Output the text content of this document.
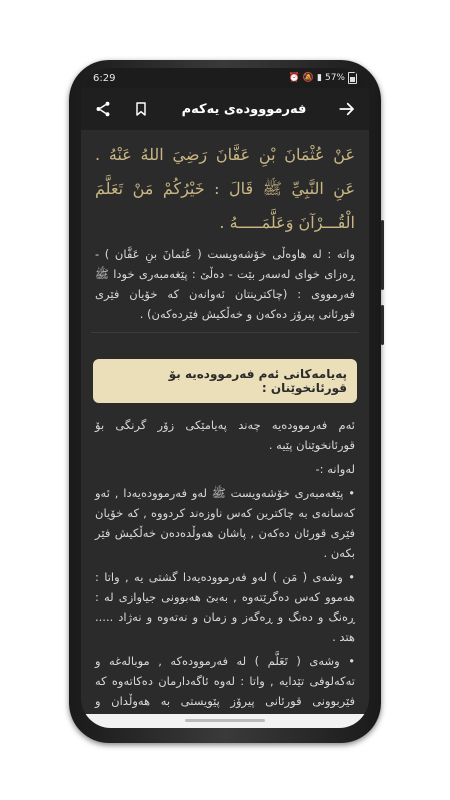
6:29	⏰ 🔕 ▮ 57%
فەرمووودەی یەکەم
عَنْ عُثْمَانَ بْنِ عَفَّانَ رَضِيَ اللهُ عَنْهُ . عَنِ النَّبِيِّ ﷺ قَالَ : خَيْرُكُمْ مَنْ تَعَلَّمَ الْقُـــرْآنَ وَعَلَّمَـــــهُ .
واتە : لە هاوەڵی خۆشەویست ( عُثمانَ بنِ عَفَّان ) - ڕەزای خوای لەسەر بێت - دەڵێ : پێغەمبەری خودا ﷺ فەرمووی : (چاکترینتان ئەوانەن کە خۆیان فێری قورئانی پیرۆز دەکەن و خەڵکیش فێردەکەن) .
پەیامەکانی ئەم فەرموودەیە بۆ قورئانخوێنان :

ئەم فەرموودەیە چەند پەیامێکی زۆر گرنگی بۆ قورئانخوێنان پێیە .

لەوانە :-

• پێغەمبەری خۆشەویست ﷺ لەو فەرموودەیەدا , ئەو کەسانەی بە چاکترین کەس ناوزەند کردووە , کە خۆیان فێری قورئان دەکەن , پاشان هەوڵدەدەن خەڵکیش فێر بکەن .

• وشەی ( مَن ) لەو فەرموودەیەدا گشتی یە , واتا : هەموو کەس دەگرێتەوە , بەبێ هەبوونی جیاوازی لە : ڕەنگ و دەنگ و ڕەگەز و زمان و نەتەوە و نەژاد ..... هتد .

• وشەی ( تَعَلَّم ) لە فەرموودەکە , موبالەغە و تەکەلوفی تێدایە , واتا : لەوە ئاگەدارمان دەکاتەوە کە فێربوونی قورئانی پیرۆز پێویستی بە هەوڵدان و
